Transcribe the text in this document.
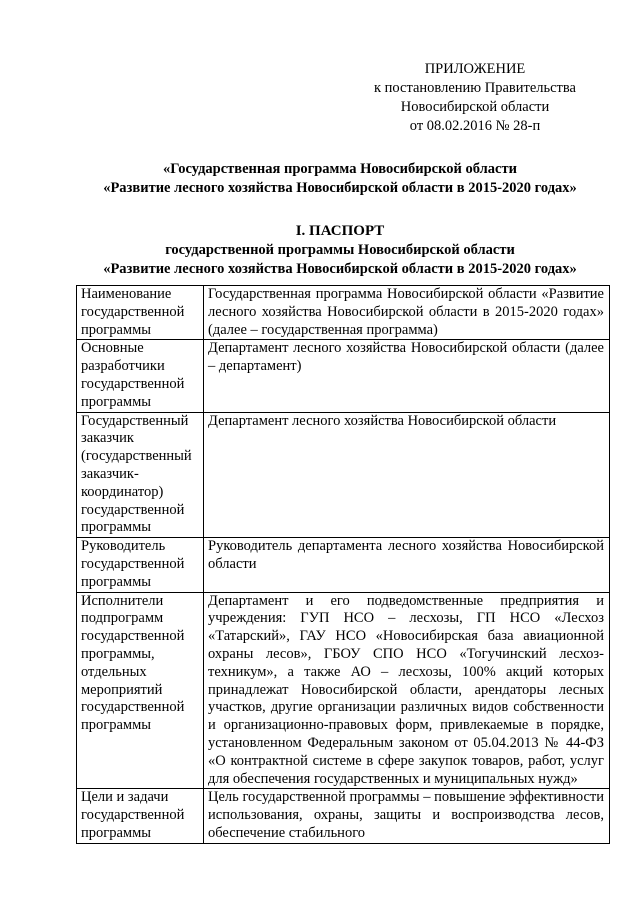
ПРИЛОЖЕНИЕ
к постановлению Правительства
Новосибирской области
от 08.02.2016 № 28-п
«Государственная программа Новосибирской области
«Развитие лесного хозяйства Новосибирской области в 2015-2020 годах»
I. ПАСПОРТ
государственной программы Новосибирской области
«Развитие лесного хозяйства Новосибирской области в 2015-2020 годах»
Наименование государственной программы	Государственная программа Новосибирской области «Развитие лесного хозяйства Новосибирской области в 2015-2020 годах» (далее – государственная программа)
Основные разработчики государственной программы	Департамент лесного хозяйства Новосибирской области (далее – департамент)
Государственный заказчик (государственный заказчик-координатор) государственной программы	Департамент лесного хозяйства Новосибирской области
Руководитель государственной программы	Руководитель департамента лесного хозяйства Новосибирской области
Исполнители подпрограмм государственной программы, отдельных мероприятий государственной программы	Департамент и его подведомственные предприятия и учреждения: ГУП НСО – лесхозы, ГП НСО «Лесхоз «Татарский», ГАУ НСО «Новосибирская база авиационной охраны лесов», ГБОУ СПО НСО «Тогучинский лесхоз-техникум», а также АО – лесхозы, 100% акций которых принадлежат Новосибирской области, арендаторы лесных участков, другие организации различных видов собственности и организационно-правовых форм, привлекаемые в порядке, установленном Федеральным законом от 05.04.2013 № 44-ФЗ «О контрактной системе в сфере закупок товаров, работ, услуг для обеспечения государственных и муниципальных нужд»
Цели и задачи государственной программы	Цель государственной программы – повышение эффективности использования, охраны, защиты и воспроизводства лесов, обеспечение стабильного
